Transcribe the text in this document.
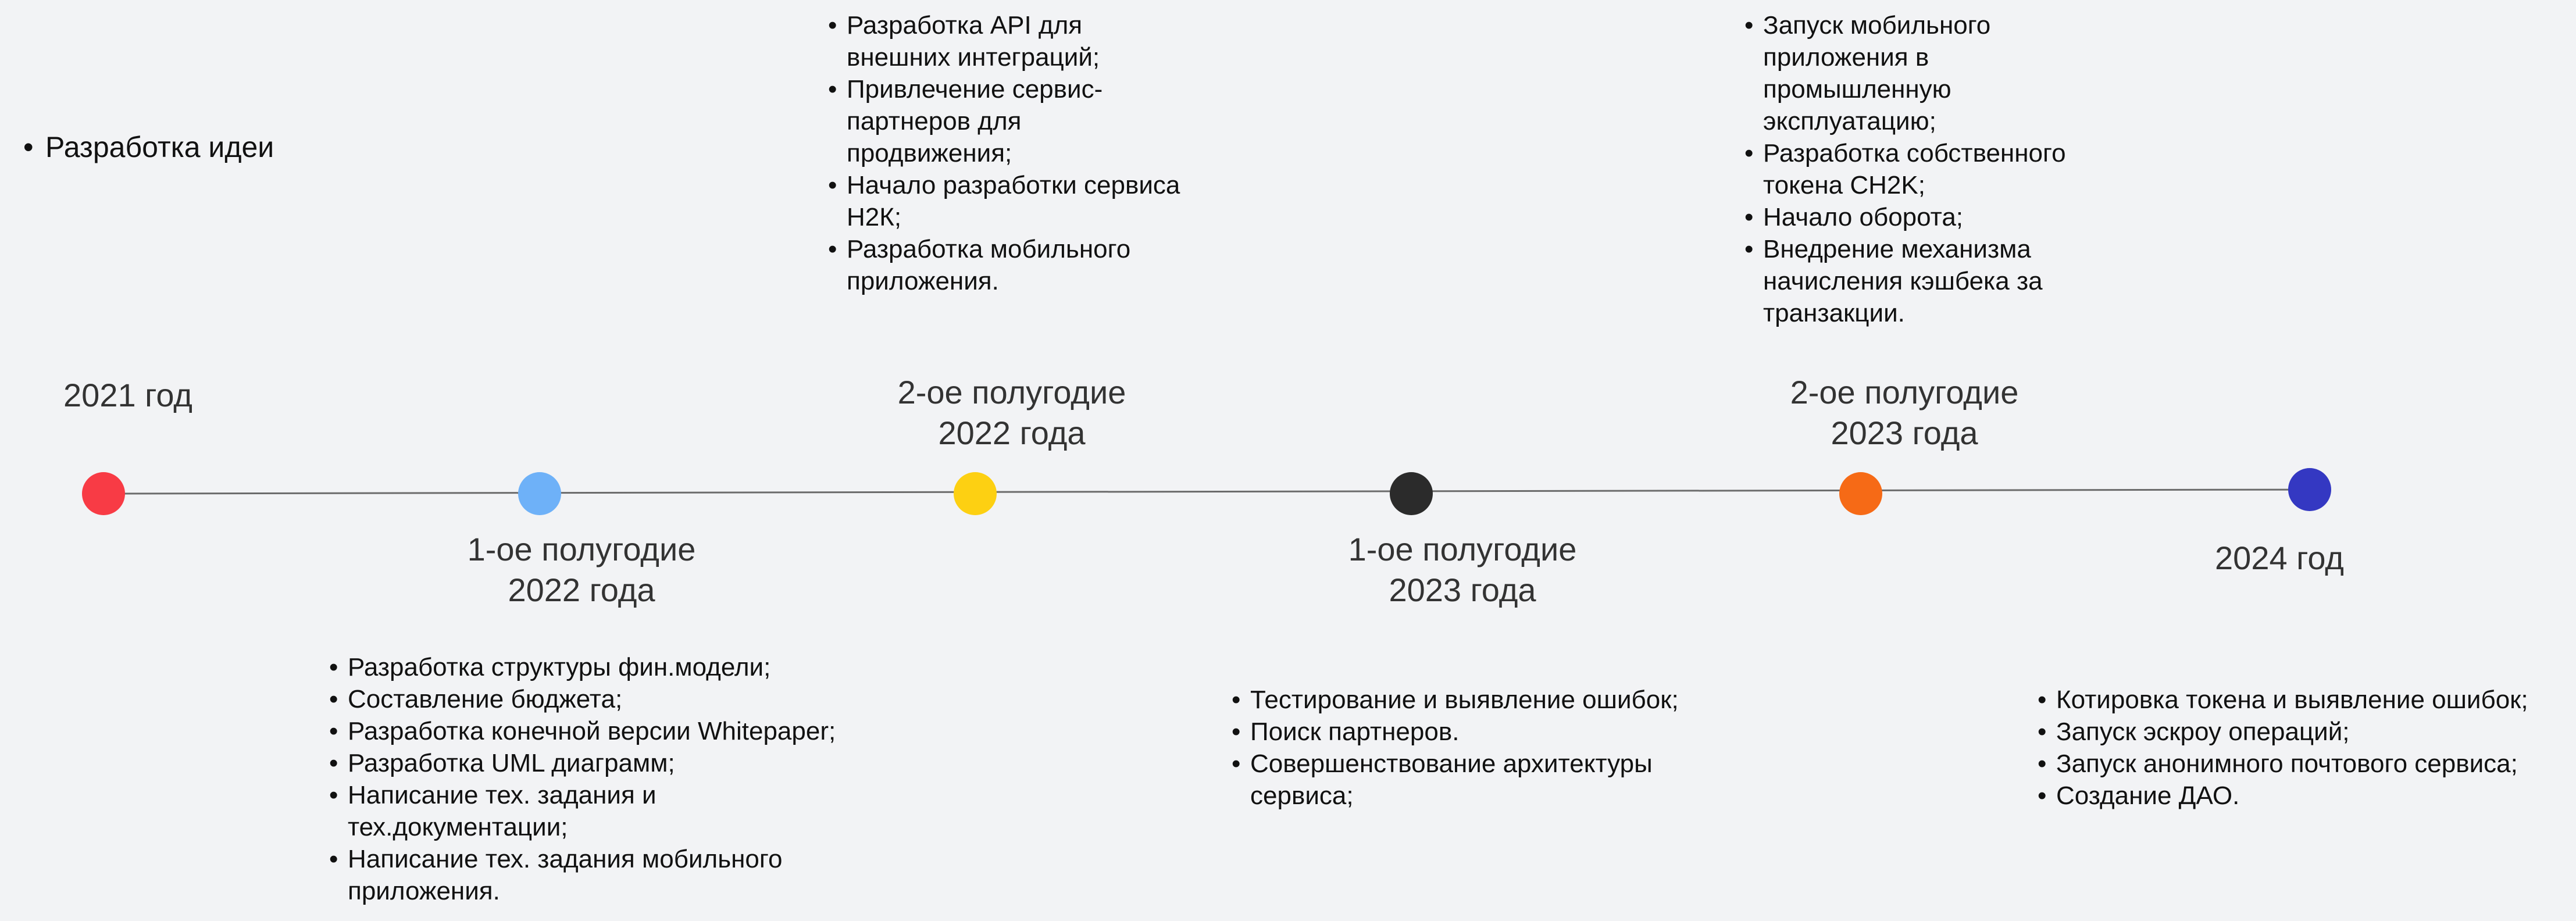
2021 год
1-ое полугодие
2022 года
2-ое полугодие
2022 года
1-ое полугодие
2023 года
2-ое полугодие
2023 года
2024 год
• Разработка идеи
• Разработка структуры фин.модели;
• Составление бюджета;
• Разработка конечной версии Whitepaper;
• Разработка UML диаграмм;
• Написание тех. задания и тех.документации;
• Написание тех. задания мобильного приложения.
• Разработка API для внешних интеграций;
• Привлечение сервис-партнеров для продвижения;
• Начало разработки сервиса Н2К;
• Разработка мобильного приложения.
• Тестирование и выявление ошибок;
• Поиск партнеров.
• Совершенствование архитектуры сервиса;
• Запуск мобильного приложения в промышленную эксплуатацию;
• Разработка собственного токена CH2K;
• Начало оборота;
• Внедрение механизма начисления кэшбека за транзакции.
• Котировка токена и выявление ошибок;
• Запуск эскроу операций;
• Запуск анонимного почтового сервиса;
• Создание ДАО.
